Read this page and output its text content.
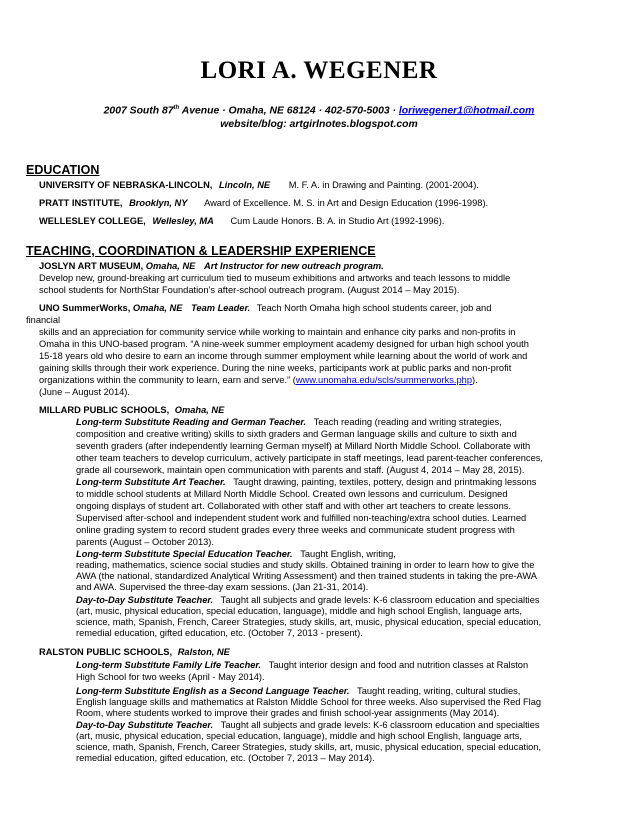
LORI A. WEGENER
2007 South 87th Avenue · Omaha, NE 68124 · 402-570-5003 · loriwegener1@hotmail.com
website/blog: artgirlnotes.blogspot.com
EDUCATION
UNIVERSITY OF NEBRASKA-LINCOLN, Lincoln, NE M. F. A. in Drawing and Painting. (2001-2004).
PRATT INSTITUTE, Brooklyn, NY Award of Excellence. M. S. in Art and Design Education (1996-1998).
WELLESLEY COLLEGE, Wellesley, MA Cum Laude Honors. B. A. in Studio Art (1992-1996).
TEACHING, COORDINATION & LEADERSHIP EXPERIENCE
JOSLYN ART MUSEUM, Omaha, NE Art Instructor for new outreach program.
Develop new, ground-breaking art curriculum tied to museum exhibitions and artworks and teach lessons to middle
school students for NorthStar Foundation’s after-school outreach program. (August 2014 – May 2015).
UNO SummerWorks, Omaha, NE Team Leader. Teach North Omaha high school students career, job and
financial
skills and an appreciation for community service while working to maintain and enhance city parks and non-profits in
Omaha in this UNO-based program. “A nine-week summer employment academy designed for urban high school youth
15-18 years old who desire to earn an income through summer employment while learning about the world of work and
gaining skills through their work experience. During the nine weeks, participants work at public parks and non-profit
organizations within the community to learn, earn and serve.” (www.unomaha.edu/scls/summerworks.php).
(June – August 2014).
MILLARD PUBLIC SCHOOLS, Omaha, NE
Long-term Substitute Reading and German Teacher. Teach reading (reading and writing strategies,
composition and creative writing) skills to sixth graders and German language skills and culture to sixth and
seventh graders (after independently learning German myself) at Millard North Middle School. Collaborate with
other team teachers to develop curriculum, actively participate in staff meetings, lead parent-teacher conferences,
grade all coursework, maintain open communication with parents and staff. (August 4, 2014 – May 28, 2015).
Long-term Substitute Art Teacher. Taught drawing, painting, textiles, pottery, design and printmaking lessons
to middle school students at Millard North Middle School. Created own lessons and curriculum. Designed
ongoing displays of student art. Collaborated with other staff and with other art teachers to create lessons.
Supervised after-school and independent student work and fulfilled non-teaching/extra school duties. Learned
online grading system to record student grades every three weeks and communicate student progress with
parents (August – October 2013).
Long-term Substitute Special Education Teacher. Taught English, writing,
reading, mathematics, science social studies and study skills. Obtained training in order to learn how to give the
AWA (the national, standardized Analytical Writing Assessment) and then trained students in taking the pre-AWA
and AWA. Supervised the three-day exam sessions. (Jan 21-31, 2014).
Day-to-Day Substitute Teacher. Taught all subjects and grade levels: K-6 classroom education and specialties
(art, music, physical education, special education, language), middle and high school English, language arts,
science, math, Spanish, French, Career Strategies, study skills, art, music, physical education, special education,
remedial education, gifted education, etc. (October 7, 2013 - present).
RALSTON PUBLIC SCHOOLS, Ralston, NE
Long-term Substitute Family Life Teacher. Taught interior design and food and nutrition classes at Ralston
High School for two weeks (April - May 2014).
Long-term Substitute English as a Second Language Teacher. Taught reading, writing, cultural studies,
English language skills and mathematics at Ralston Middle School for three weeks. Also supervised the Red Flag
Room, where students worked to improve their grades and finish school-year assignments (May 2014).
Day-to-Day Substitute Teacher. Taught all subjects and grade levels: K-6 classroom education and specialties
(art, music, physical education, special education, language), middle and high school English, language arts,
science, math, Spanish, French, Career Strategies, study skills, art, music, physical education, special education,
remedial education, gifted education, etc. (October 7, 2013 – May 2014).
